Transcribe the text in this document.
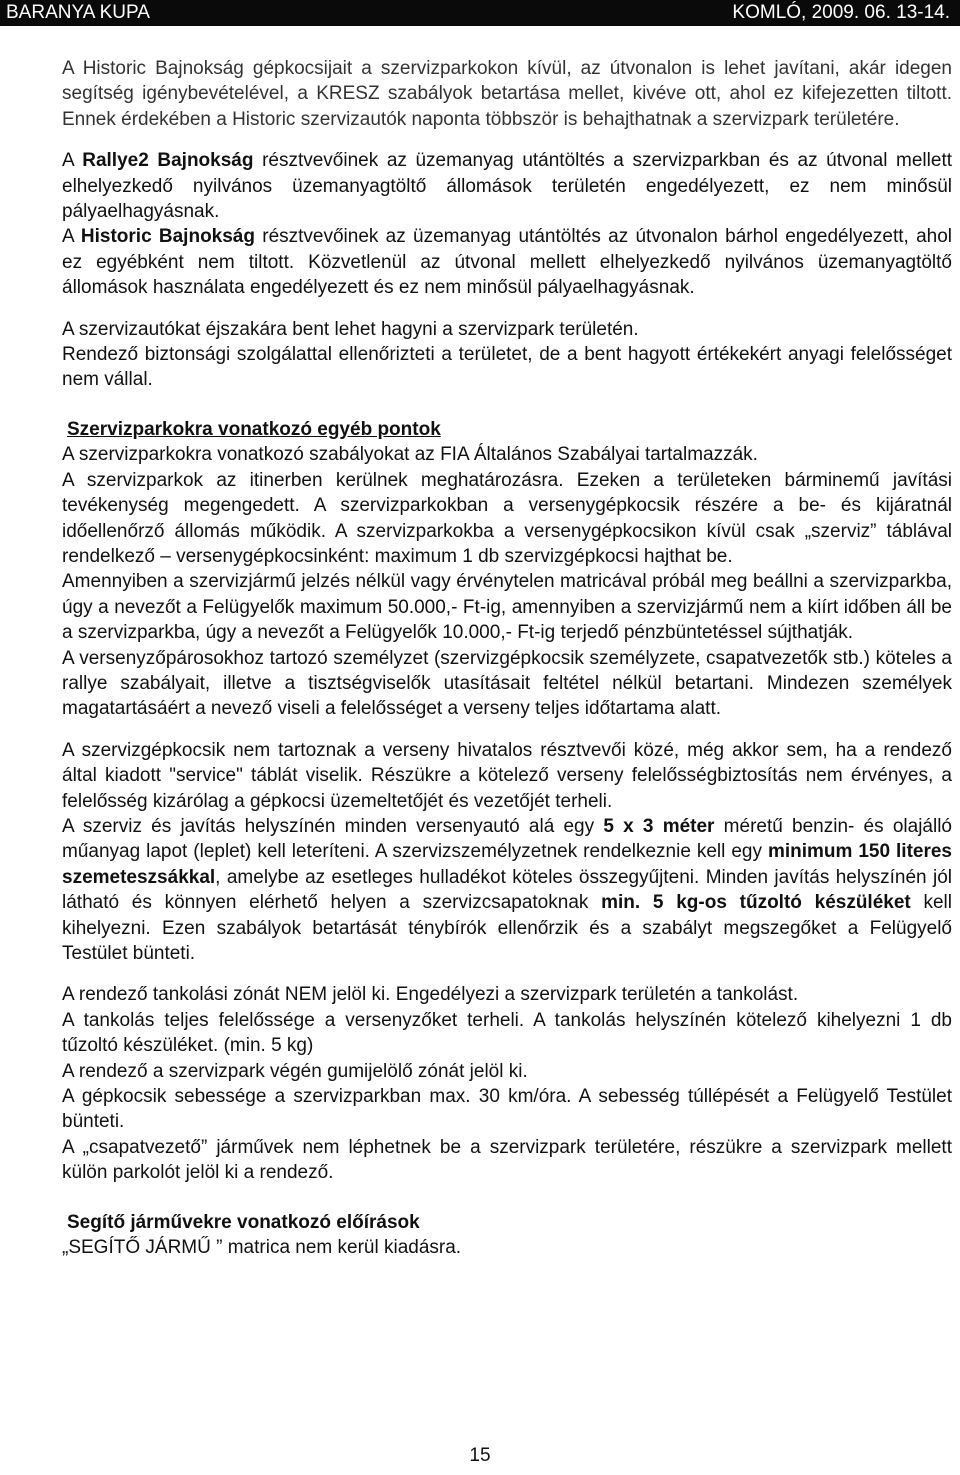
BARANYA KUPA	KOMLÓ, 2009. 06. 13-14.

A Historic Bajnokság gépkocsijait a szervizparkokon kívül, az útvonalon is lehet javítani, akár idegen segítség igénybevételével, a KRESZ szabályok betartása mellet, kivéve ott, ahol ez kifejezetten tiltott. Ennek érdekében a Historic szervizautók naponta többször is behajthatnak a szervizpark területére.

A Rallye2 Bajnokság résztvevőinek az üzemanyag utántöltés a szervizparkban és az útvonal mellett elhelyezkedő nyilvános üzemanyagtöltő állomások területén engedélyezett, ez nem minősül pályaelhagyásnak.

A Historic Bajnokság résztvevőinek az üzemanyag utántöltés az útvonalon bárhol engedélyezett, ahol ez egyébként nem tiltott. Közvetlenül az útvonal mellett elhelyezkedő nyilvános üzemanyagtöltő állomások használata engedélyezett és ez nem minősül pályaelhagyásnak.

A szervizautókat éjszakára bent lehet hagyni a szervizpark területén.

Rendező biztonsági szolgálattal ellenőrizteti a területet, de a bent hagyott értékekért anyagi felelősséget nem vállal.

Szervizparkokra vonatkozó egyéb pontok

A szervizparkokra vonatkozó szabályokat az FIA Általános Szabályai tartalmazzák.

A szervizparkok az itinerben kerülnek meghatározásra. Ezeken a területeken bárminemű javítási tevékenység megengedett. A szervizparkokban a versenygépkocsik részére a be- és kijáratnál időellenőrző állomás működik. A szervizparkokba a versenygépkocsikon kívül csak „szerviz” táblával rendelkező – versenygépkocsinként: maximum 1 db szervizgépkocsi hajthat be.

Amennyiben a szervizjármű jelzés nélkül vagy érvénytelen matricával próbál meg beállni a szervizparkba, úgy a nevezőt a Felügyelők maximum 50.000,- Ft-ig, amennyiben a szervizjármű nem a kiírt időben áll be a szervizparkba, úgy a nevezőt a Felügyelők 10.000,- Ft-ig terjedő pénzbüntetéssel sújthatják.

A versenyzőpárosokhoz tartozó személyzet (szervizgépkocsik személyzete, csapatvezetők stb.) köteles a rallye szabályait, illetve a tisztségviselők utasításait feltétel nélkül betartani. Mindezen személyek magatartásáért a nevező viseli a felelősséget a verseny teljes időtartama alatt.

A szervizgépkocsik nem tartoznak a verseny hivatalos résztvevői közé, még akkor sem, ha a rendező által kiadott "service" táblát viselik. Részükre a kötelező verseny felelősségbiztosítás nem érvényes, a felelősség kizárólag a gépkocsi üzemeltetőjét és vezetőjét terheli.

A szerviz és javítás helyszínén minden versenyautó alá egy 5 x 3 méter méretű benzin- és olajálló műanyag lapot (leplet) kell leteríteni. A szervizszemélyzetnek rendelkeznie kell egy minimum 150 literes szemeteszsákkal, amelybe az esetleges hulladékot köteles összegyűjteni. Minden javítás helyszínén jól látható és könnyen elérhető helyen a szervizcsapatoknak min. 5 kg-os tűzoltó készüléket kell kihelyezni. Ezen szabályok betartását ténybírók ellenőrzik és a szabályt megszegőket a Felügyelő Testület bünteti.

A rendező tankolási zónát NEM jelöl ki. Engedélyezi a szervizpark területén a tankolást.

A tankolás teljes felelőssége a versenyzőket terheli. A tankolás helyszínén kötelező kihelyezni 1 db tűzoltó készüléket. (min. 5 kg)

A rendező a szervizpark végén gumijelölő zónát jelöl ki.

A gépkocsik sebessége a szervizparkban max. 30 km/óra. A sebesség túllépését a Felügyelő Testület bünteti.

A „csapatvezető” járművek nem léphetnek be a szervizpark területére, részükre a szervizpark mellett külön parkolót jelöl ki a rendező.

Segítő járművekre vonatkozó előírások

„SEGÍTŐ JÁRMŰ ” matrica nem kerül kiadásra.

15
